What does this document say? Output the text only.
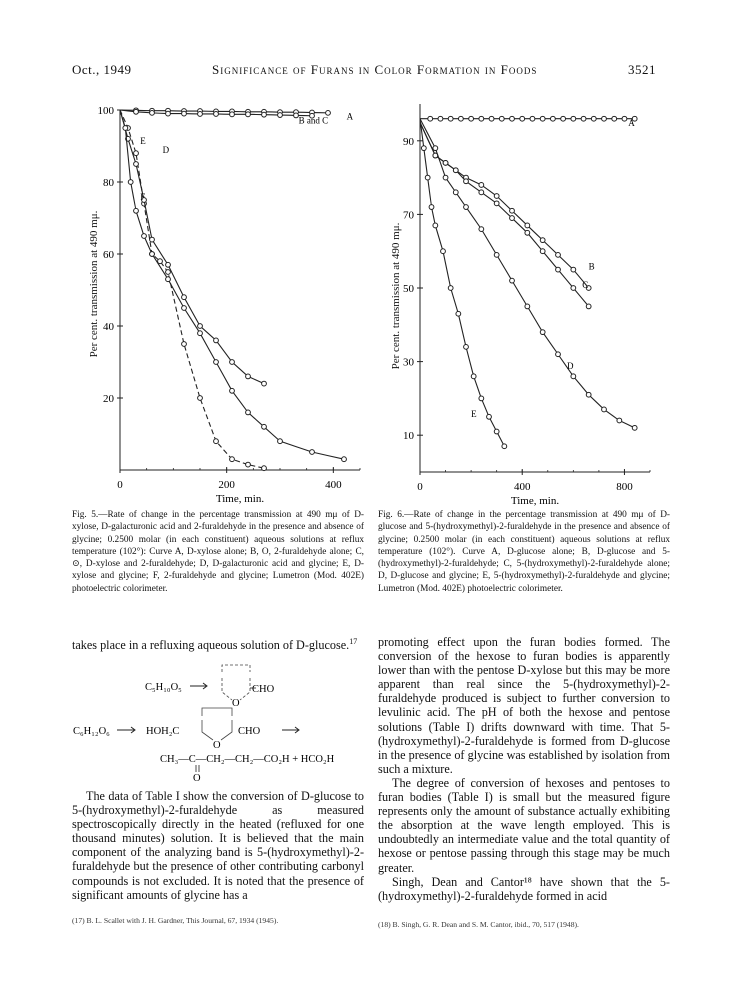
Oct., 1949	Significance of Furans in Color Formation in Foods	3521
20
40
60
80
100
0	200	400
Time, min.
A
B and C
D
E
F
Per cent. transmission at 490 mμ.
10
30
50
70
90
0	400	800
Time, min.
A
B
C
D
E
Per cent. transmission at 490 mμ.

Fig. 5.—Rate of change in the percentage transmission at 490 mμ of D-xylose, D-galacturonic acid and 2-furaldehyde in the presence and absence of glycine; 0.2500 molar (in each constituent) aqueous solutions at reflux temperature (102°): Curve A, D-xylose alone; B, O, 2-furaldehyde alone; C, ⊙, D-xylose and 2-furaldehyde; D, D-galacturonic acid and glycine; E, D-xylose and glycine; F, 2-furaldehyde and glycine; Lumetron (Mod. 402E) photoelectric colorimeter.

Fig. 6.—Rate of change in the percentage transmission at 490 mμ of D-glucose and 5-(hydroxymethyl)-2-furaldehyde in the presence and absence of glycine; 0.2500 molar (in each constituent) aqueous solutions at reflux temperature (102°). Curve A, D-glucose alone; B, D-glucose and 5-(hydroxymethyl)-2-furaldehyde; C, 5-(hydroxymethyl)-2-furaldehyde alone; D, D-glucose and glycine; E, 5-(hydroxymethyl)-2-furaldehyde and glycine; Lumetron (Mod. 402E) photoelectric colorimeter.

takes place in a refluxing aqueous solution of D-glucose.$^{17}$

C₅H₁₀O₅
O
CHO
C₆H₁₂O₆	HOH₂C
O
CHO
CH₃—C—CH₂—CH₂—CO₂H + HCO₂H
O

The data of Table I show the conversion of D-glucose to 5-(hydroxymethyl)-2-furaldehyde as measured spectroscopically directly in the heated (refluxed for one thousand minutes) solution. It is believed that the main component of the analyzing band is 5-(hydroxymethyl)-2-furaldehyde but the presence of other contributing carbonyl compounds is not excluded. It is noted that the presence of significant amounts of glycine has a

(17) B. L. Scallet with J. H. Gardner, This Journal, 67, 1934 (1945).

promoting effect upon the furan bodies formed. The conversion of the hexose to furan bodies is apparently lower than with the pentose D-xylose but this may be more apparent than real since the 5-(hydroxymethyl)-2-furaldehyde produced is subject to further conversion to levulinic acid. The pH of both the hexose and pentose solutions (Table I) drifts downward with time. That 5-(hydroxymethyl)-2-furaldehyde is formed from D-glucose in the presence of glycine was established by isolation from such a mixture.

The degree of conversion of hexoses and pentoses to furan bodies (Table I) is small but the measured figure represents only the amount of substance actually exhibiting the absorption at the wave length employed. This is undoubtedly an intermediate value and the total quantity of hexose or pentose passing through this stage may be much greater.

Singh, Dean and Cantor¹⁸ have shown that the 5-(hydroxymethyl)-2-furaldehyde formed in acid

(18) B. Singh, G. R. Dean and S. M. Cantor, ibid., 70, 517 (1948).
